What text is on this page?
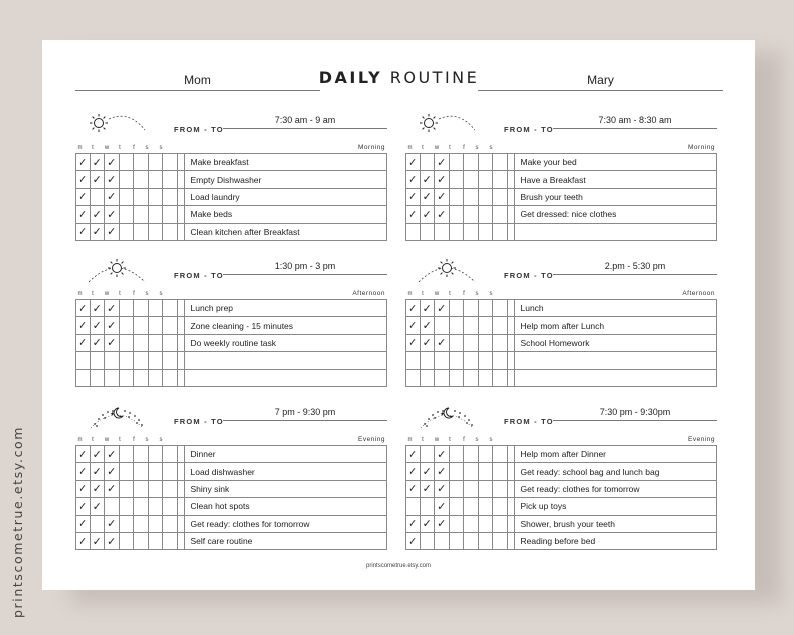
printscometrue.etsy.com
Mom	DAILY ROUTINE	Mary
FROM - TO
7:30 am - 9 am
Morning
m	t	w	t	f	s	s
✓	✓	✓						Make breakfast
✓	✓	✓						Empty Dishwasher
✓		✓						Load laundry
✓	✓	✓						Make beds
✓	✓	✓						Clean kitchen after Breakfast
FROM - TO
7:30 am - 8:30 am
Morning
m	t	w	t	f	s	s
✓		✓						Make your bed
✓	✓	✓						Have a Breakfast
✓	✓	✓						Brush your teeth
✓	✓	✓						Get dressed: nice clothes

FROM - TO
1:30 pm - 3 pm
Afternoon
m	t	w	t	f	s	s
✓	✓	✓						Lunch prep
✓	✓	✓						Zone cleaning - 15 minutes
✓	✓	✓						Do weekly routine task

FROM - TO
2.pm - 5:30 pm
Afternoon
m	t	w	t	f	s	s
✓	✓	✓						Lunch
✓	✓							Help mom after Lunch
✓	✓	✓						School Homework

✦
FROM - TO
7 pm - 9:30 pm
Evening
m	t	w	t	f	s	s
✓	✓	✓						Dinner
✓	✓	✓						Load dishwasher
✓	✓	✓						Shiny sink
✓	✓							Clean hot spots
✓		✓						Get ready: clothes for tomorrow
✓	✓	✓						Self care routine
✦
FROM - TO
7:30 pm - 9:30pm
Evening
m	t	w	t	f	s	s
✓		✓						Help mom after Dinner
✓	✓	✓						Get ready: school bag and lunch bag
✓	✓	✓						Get ready: clothes for tomorrow
		✓						Pick up toys
✓	✓	✓						Shower, brush your teeth
✓								Reading before bed
printscometrue.etsy.com
